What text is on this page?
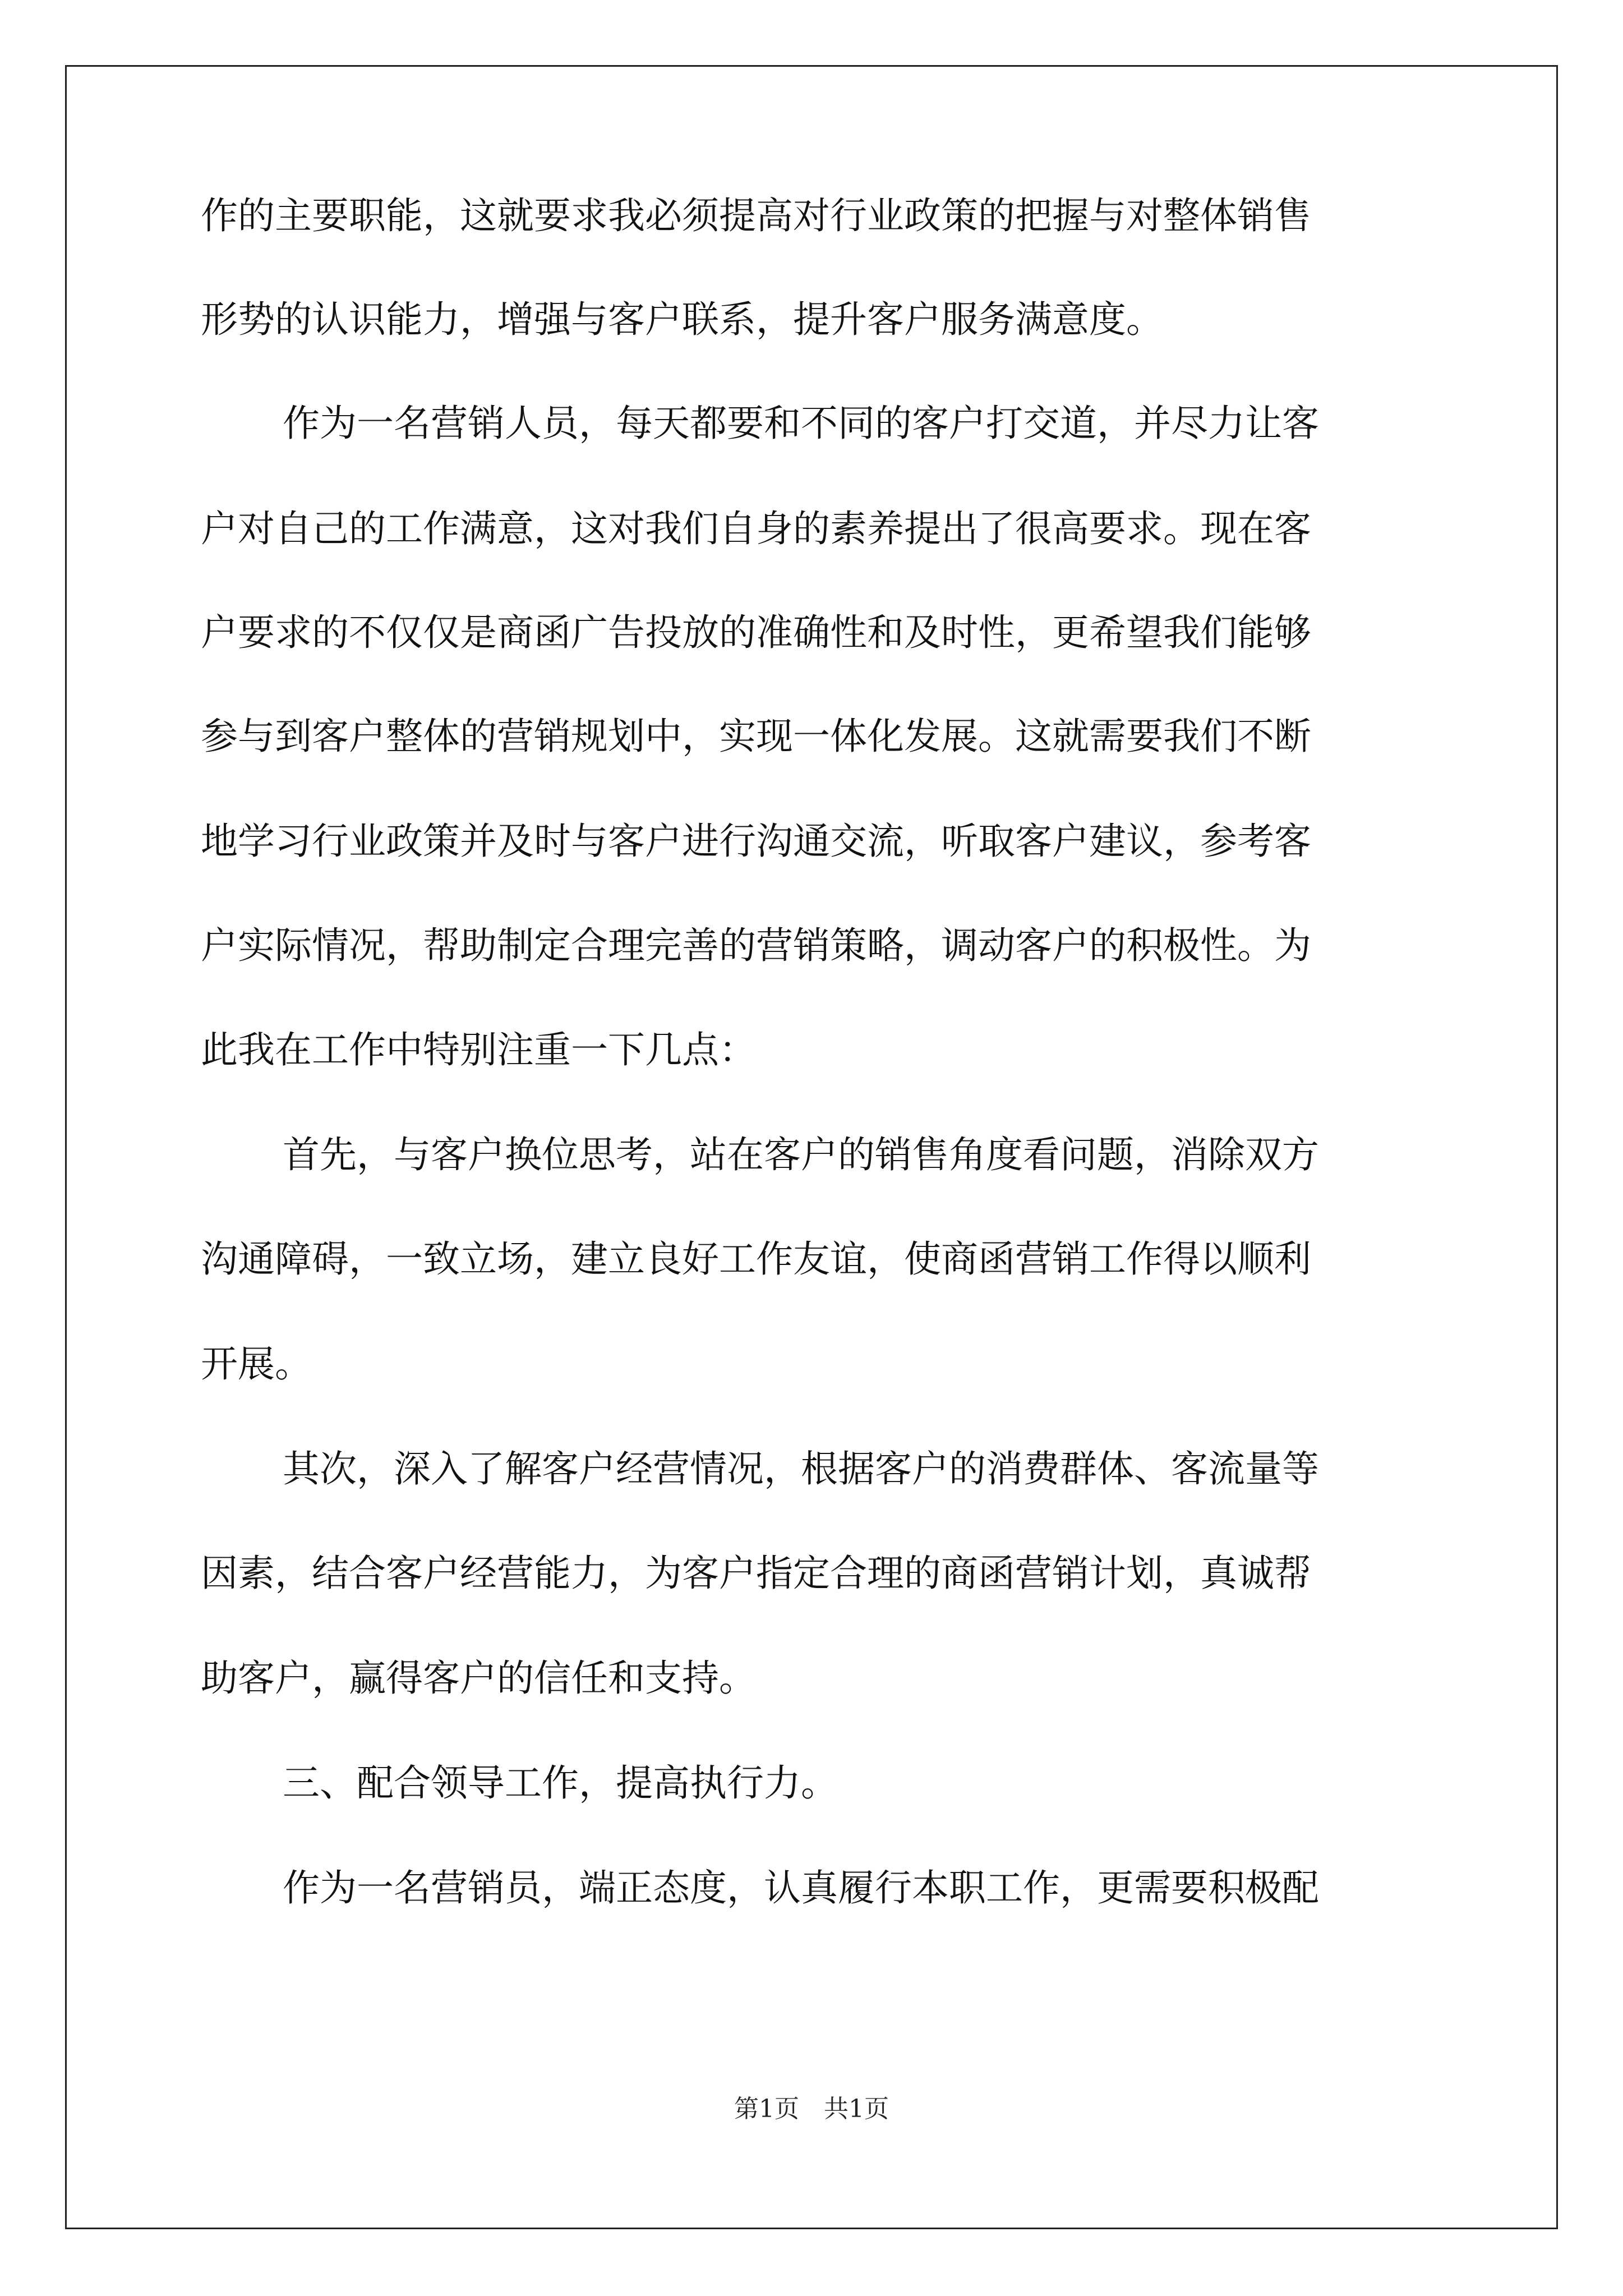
作的主要职能，这就要求我必须提高对行业政策的把握与对整体销售

形势的认识能力，增强与客户联系，提升客户服务满意度。

作为一名营销人员，每天都要和不同的客户打交道，并尽力让客

户对自己的工作满意，这对我们自身的素养提出了很高要求。现在客

户要求的不仅仅是商函广告投放的准确性和及时性，更希望我们能够

参与到客户整体的营销规划中，实现一体化发展。这就需要我们不断

地学习行业政策并及时与客户进行沟通交流，听取客户建议，参考客

户实际情况，帮助制定合理完善的营销策略，调动客户的积极性。为

此我在工作中特别注重一下几点：

首先，与客户换位思考，站在客户的销售角度看问题，消除双方

沟通障碍，一致立场，建立良好工作友谊，使商函营销工作得以顺利

开展。

其次，深入了解客户经营情况，根据客户的消费群体、客流量等

因素，结合客户经营能力，为客户指定合理的商函营销计划，真诚帮

助客户，赢得客户的信任和支持。

三、配合领导工作，提高执行力。

作为一名营销员，端正态度，认真履行本职工作，更需要积极配

第1页　共1页
